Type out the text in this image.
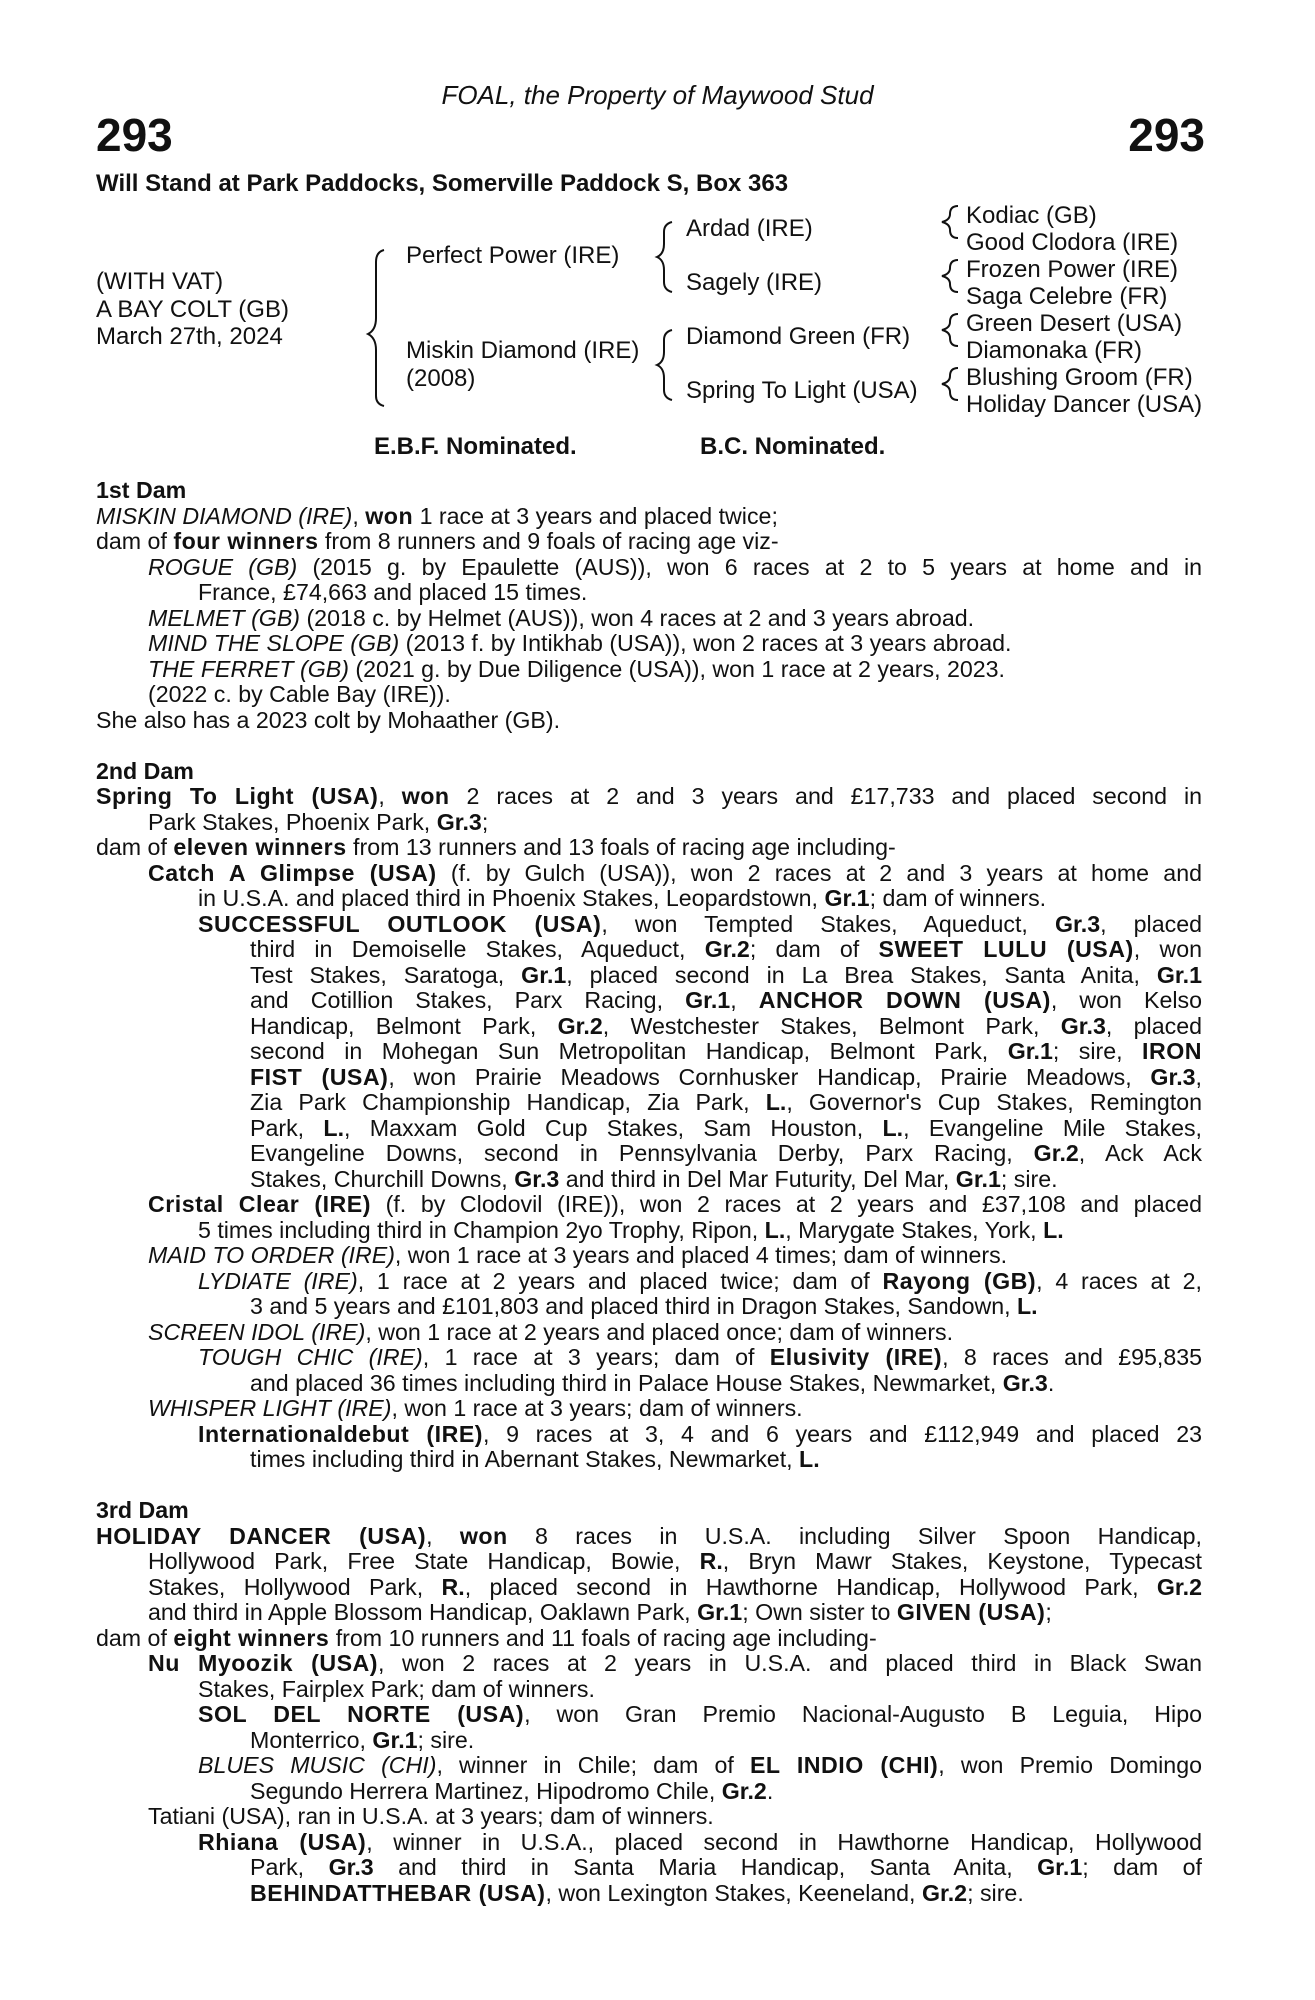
FOAL, the Property of Maywood Stud
293	293
Will Stand at Park Paddocks, Somerville Paddock S, Box 363
(WITH VAT)
A BAY COLT (GB)
March 27th, 2024
Perfect Power (IRE)
Miskin Diamond (IRE)
(2008)
Ardad (IRE)
Sagely (IRE)
Diamond Green (FR)
Spring To Light (USA)
Kodiac (GB)
Good Clodora (IRE)
Frozen Power (IRE)
Saga Celebre (FR)
Green Desert (USA)
Diamonaka (FR)
Blushing Groom (FR)
Holiday Dancer (USA)
E.B.F. Nominated.	B.C. Nominated.
1st Dam
MISKIN DIAMOND (IRE), won 1 race at 3 years and placed twice;
dam of four winners from 8 runners and 9 foals of racing age viz-
ROGUE (GB) (2015 g. by Epaulette (AUS)), won 6 races at 2 to 5 years at home and in
France, £74,663 and placed 15 times.
MELMET (GB) (2018 c. by Helmet (AUS)), won 4 races at 2 and 3 years abroad.
MIND THE SLOPE (GB) (2013 f. by Intikhab (USA)), won 2 races at 3 years abroad.
THE FERRET (GB) (2021 g. by Due Diligence (USA)), won 1 race at 2 years, 2023.
(2022 c. by Cable Bay (IRE)).
She also has a 2023 colt by Mohaather (GB).
2nd Dam
Spring To Light (USA), won 2 races at 2 and 3 years and £17,733 and placed second in
Park Stakes, Phoenix Park, Gr.3;
dam of eleven winners from 13 runners and 13 foals of racing age including-
Catch A Glimpse (USA) (f. by Gulch (USA)), won 2 races at 2 and 3 years at home and
in U.S.A. and placed third in Phoenix Stakes, Leopardstown, Gr.1; dam of winners.
SUCCESSFUL OUTLOOK (USA), won Tempted Stakes, Aqueduct, Gr.3, placed
third in Demoiselle Stakes, Aqueduct, Gr.2; dam of SWEET LULU (USA), won
Test Stakes, Saratoga, Gr.1, placed second in La Brea Stakes, Santa Anita, Gr.1
and Cotillion Stakes, Parx Racing, Gr.1, ANCHOR DOWN (USA), won Kelso
Handicap, Belmont Park, Gr.2, Westchester Stakes, Belmont Park, Gr.3, placed
second in Mohegan Sun Metropolitan Handicap, Belmont Park, Gr.1; sire, IRON
FIST (USA), won Prairie Meadows Cornhusker Handicap, Prairie Meadows, Gr.3,
Zia Park Championship Handicap, Zia Park, L., Governor's Cup Stakes, Remington
Park, L., Maxxam Gold Cup Stakes, Sam Houston, L., Evangeline Mile Stakes,
Evangeline Downs, second in Pennsylvania Derby, Parx Racing, Gr.2, Ack Ack
Stakes, Churchill Downs, Gr.3 and third in Del Mar Futurity, Del Mar, Gr.1; sire.
Cristal Clear (IRE) (f. by Clodovil (IRE)), won 2 races at 2 years and £37,108 and placed
5 times including third in Champion 2yo Trophy, Ripon, L., Marygate Stakes, York, L.
MAID TO ORDER (IRE), won 1 race at 3 years and placed 4 times; dam of winners.
LYDIATE (IRE), 1 race at 2 years and placed twice; dam of Rayong (GB), 4 races at 2,
3 and 5 years and £101,803 and placed third in Dragon Stakes, Sandown, L.
SCREEN IDOL (IRE), won 1 race at 2 years and placed once; dam of winners.
TOUGH CHIC (IRE), 1 race at 3 years; dam of Elusivity (IRE), 8 races and £95,835
and placed 36 times including third in Palace House Stakes, Newmarket, Gr.3.
WHISPER LIGHT (IRE), won 1 race at 3 years; dam of winners.
Internationaldebut (IRE), 9 races at 3, 4 and 6 years and £112,949 and placed 23
times including third in Abernant Stakes, Newmarket, L.
3rd Dam
HOLIDAY DANCER (USA), won 8 races in U.S.A. including Silver Spoon Handicap,
Hollywood Park, Free State Handicap, Bowie, R., Bryn Mawr Stakes, Keystone, Typecast
Stakes, Hollywood Park, R., placed second in Hawthorne Handicap, Hollywood Park, Gr.2
and third in Apple Blossom Handicap, Oaklawn Park, Gr.1; Own sister to GIVEN (USA);
dam of eight winners from 10 runners and 11 foals of racing age including-
Nu Myoozik (USA), won 2 races at 2 years in U.S.A. and placed third in Black Swan
Stakes, Fairplex Park; dam of winners.
SOL DEL NORTE (USA), won Gran Premio Nacional-Augusto B Leguia, Hipo
Monterrico, Gr.1; sire.
BLUES MUSIC (CHI), winner in Chile; dam of EL INDIO (CHI), won Premio Domingo
Segundo Herrera Martinez, Hipodromo Chile, Gr.2.
Tatiani (USA), ran in U.S.A. at 3 years; dam of winners.
Rhiana (USA), winner in U.S.A., placed second in Hawthorne Handicap, Hollywood
Park, Gr.3 and third in Santa Maria Handicap, Santa Anita, Gr.1; dam of
BEHINDATTHEBAR (USA), won Lexington Stakes, Keeneland, Gr.2; sire.
